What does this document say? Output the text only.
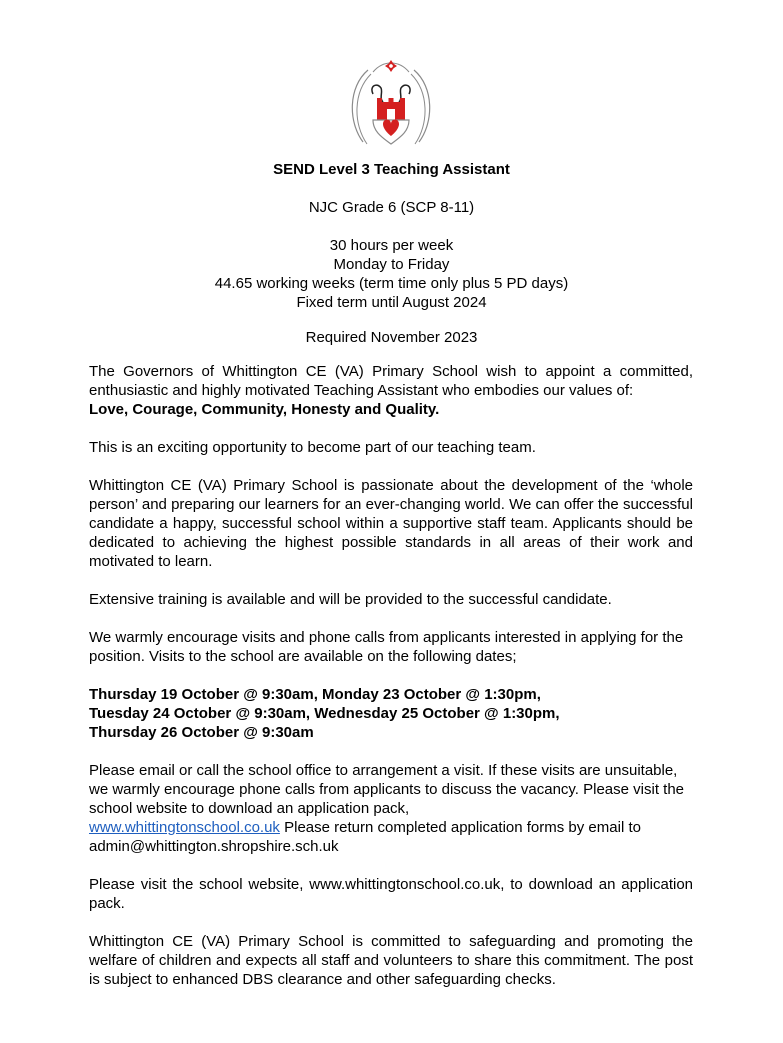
SEND Level 3 Teaching Assistant
NJC Grade 6 (SCP 8-11)
30 hours per week
Monday to Friday
44.65 working weeks (term time only plus 5 PD days)
Fixed term until August 2024
Required November 2023

The Governors of Whittington CE (VA) Primary School wish to appoint a committed, enthusiastic and highly motivated Teaching Assistant who embodies our values of:
Love, Courage, Community, Honesty and Quality.

This is an exciting opportunity to become part of our teaching team.

Whittington CE (VA) Primary School is passionate about the development of the ‘whole person’ and preparing our learners for an ever-changing world. We can offer the successful candidate a happy, successful school within a supportive staff team. Applicants should be dedicated to achieving the highest possible standards in all areas of their work and motivated to learn.

Extensive training is available and will be provided to the successful candidate.

We warmly encourage visits and phone calls from applicants interested in applying for the position. Visits to the school are available on the following dates;

Thursday 19 October @ 9:30am, Monday 23 October @ 1:30pm,
Tuesday 24 October @ 9:30am, Wednesday 25 October @ 1:30pm,
Thursday 26 October @ 9:30am

Please email or call the school office to arrangement a visit. If these visits are unsuitable, we warmly encourage phone calls from applicants to discuss the vacancy. Please visit the school website to download an application pack,
www.whittingtonschool.co.uk Please return completed application forms by email to admin@whittington.shropshire.sch.uk

Please visit the school website, www.whittingtonschool.co.uk, to download an application pack.

Whittington CE (VA) Primary School is committed to safeguarding and promoting the welfare of children and expects all staff and volunteers to share this commitment. The post is subject to enhanced DBS clearance and other safeguarding checks.
